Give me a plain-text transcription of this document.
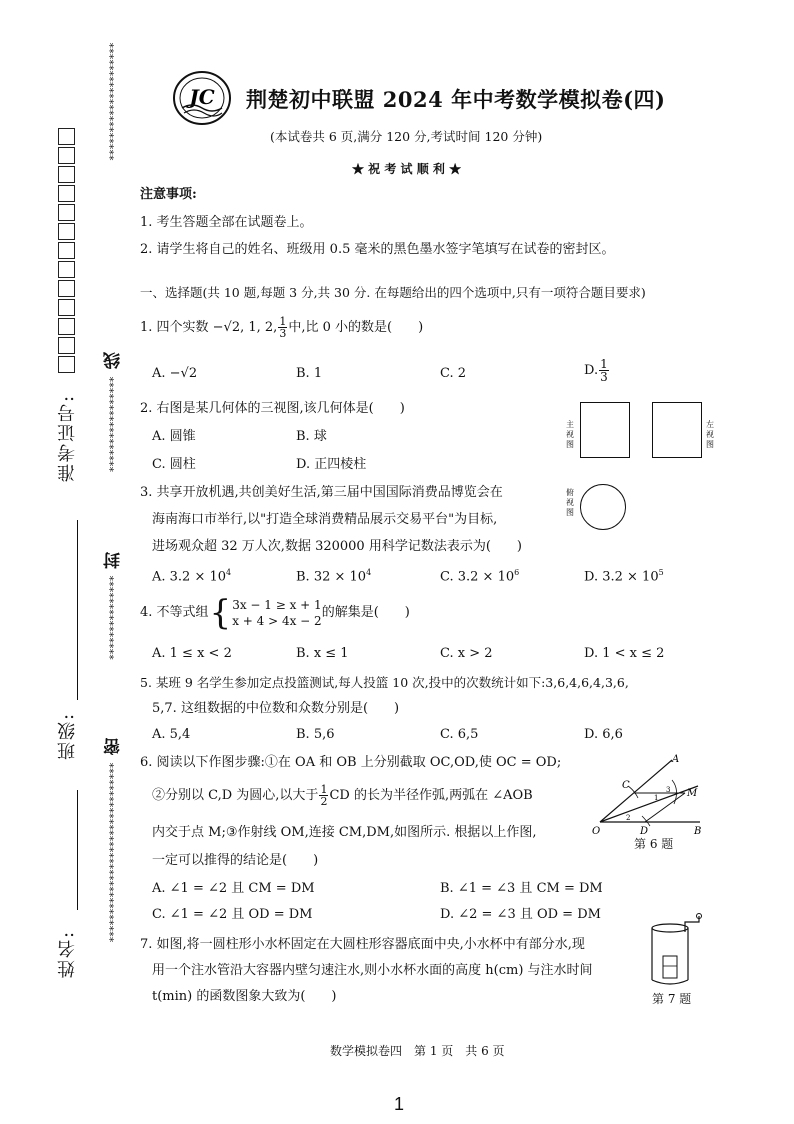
准考证号:
班级:
姓名:
*********************
线
*****************
封
***************
密
********************************
JC 荆楚初中联盟 2024 年中考数学模拟卷(四)
(本试卷共 6 页,满分 120 分,考试时间 120 分钟)
★ 祝 考 试 顺 利 ★
注意事项:
1. 考生答题全部在试题卷上。
2. 请学生将自己的姓名、班级用 0.5 毫米的黑色墨水签字笔填写在试卷的密封区。
一、选择题(共 10 题,每题 3 分,共 30 分. 在每题给出的四个选项中,只有一项符合题目要求)
1. 四个实数 −√2, 1, 2, $\frac{1}{3}$ 中,比 0 小的数是(　　)
A. −√2	B. 1	C. 2	D. $\frac{1}{3}$
2. 右图是某几何体的三视图,该几何体是(　　)
A. 圆锥	B. 球
C. 圆柱	D. 正四棱柱
主视图
左视图
俯视图
3. 共享开放机遇,共创美好生活,第三届中国国际消费品博览会在
海南海口市举行,以"打造全球消费精品展示交易平台"为目标,
进场观众超 32 万人次,数据 320000 用科学记数法表示为(　　)
A. $3.2 \times 10^4$	B. $32 \times 10^4$	C. $3.2 \times 10^6$	D. $3.2 \times 10^5$
4. 不等式组 { 3x − 1 ≥ x + 1
x + 4 > 4x − 2
的解集是(　　)
A. 1 ≤ x < 2	B. x ≤ 1	C. x > 2	D. 1 < x ≤ 2
5. 某班 9 名学生参加定点投篮测试,每人投篮 10 次,投中的次数统计如下:3,6,4,6,4,3,6,
5,7. 这组数据的中位数和众数分别是(　　)
A. 5,4	B. 5,6	C. 6,5	D. 6,6
6. 阅读以下作图步骤:①在 OA 和 OB 上分别截取 OC,OD,使 OC = OD;
②分别以 C,D 为圆心,以大于 $\frac{1}{2}$ CD 的长为半径作弧,两弧在 ∠AOB
内交于点 M;③作射线 OM,连接 CM,DM,如图所示. 根据以上作图,
一定可以推得的结论是(　　)
A. ∠1 = ∠2 且 CM = DM	B. ∠1 = ∠3 且 CM = DM
C. ∠1 = ∠2 且 OD = DM	D. ∠2 = ∠3 且 OD = DM
A
B
C
D
O
M
1
2
3
第 6 题
7. 如图,将一圆柱形小水杯固定在大圆柱形容器底面中央,小水杯中有部分水,现
用一个注水管沿大容器内壁匀速注水,则小水杯水面的高度 h(cm) 与注水时间
t(min) 的函数图象大致为(　　)	第 7 题
数学模拟卷四　第 1 页　共 6 页
1
